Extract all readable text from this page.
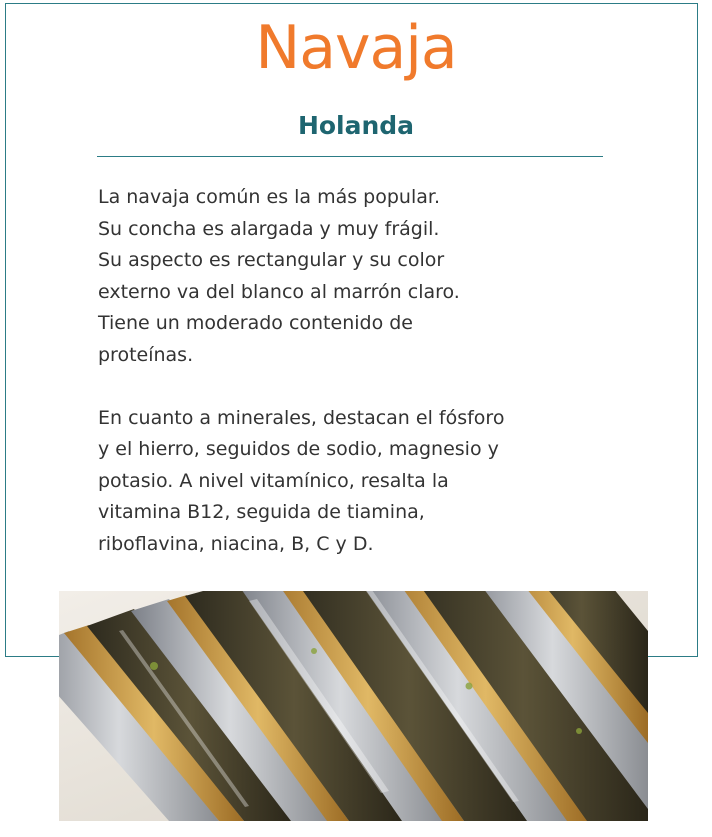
Navaja
Holanda

La navaja común es la más popular.
Su concha es alargada y muy frágil.
Su aspecto es rectangular y su color
externo va del blanco al marrón claro.
Tiene un moderado contenido de
proteínas.

En cuanto a minerales, destacan el fósforo
y el hierro, seguidos de sodio, magnesio y
potasio. A nivel vitamínico, resalta la
vitamina B12, seguida de tiamina,
riboflavina, niacina, B, C y D.
